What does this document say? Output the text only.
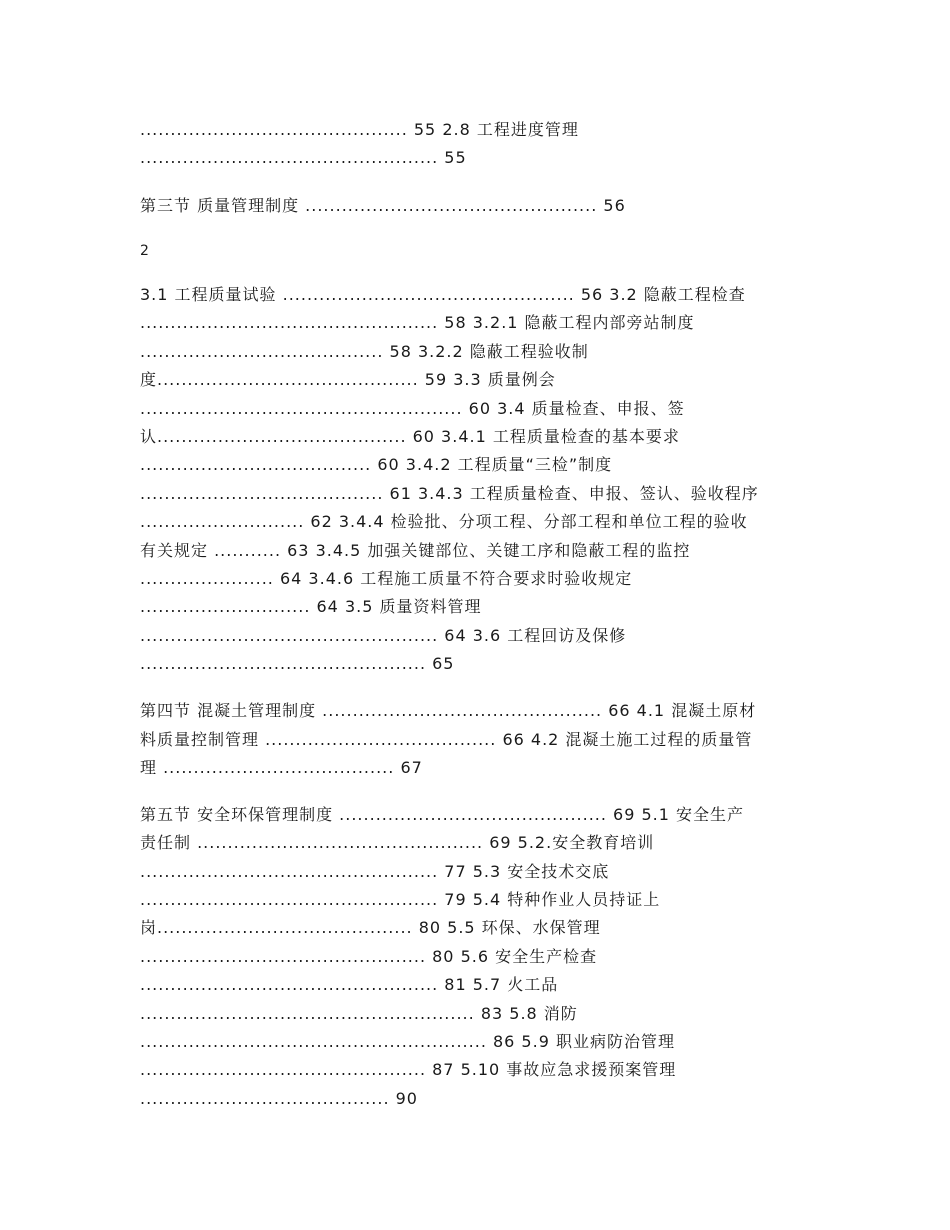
............................................ 55 2.8 工程进度管理
................................................. 55
第三节 质量管理制度 ................................................ 56
2
3.1 工程质量试验 ................................................ 56 3.2 隐蔽工程检查
................................................. 58 3.2.1 隐蔽工程内部旁站制度
........................................ 58 3.2.2 隐蔽工程验收制
度........................................... 59 3.3 质量例会
..................................................... 60 3.4 质量检查、申报、签
认......................................... 60 3.4.1 工程质量检查的基本要求
...................................... 60 3.4.2 工程质量“三检”制度
........................................ 61 3.4.3 工程质量检查、申报、签认、验收程序
........................... 62 3.4.4 检验批、分项工程、分部工程和单位工程的验收
有关规定 ........... 63 3.4.5 加强关键部位、关键工序和隐蔽工程的监控
...................... 64 3.4.6 工程施工质量不符合要求时验收规定
............................ 64 3.5 质量资料管理
................................................. 64 3.6 工程回访及保修
............................................... 65
第四节 混凝土管理制度 .............................................. 66 4.1 混凝土原材
料质量控制管理 ...................................... 66 4.2 混凝土施工过程的质量管
理 ...................................... 67
第五节 安全环保管理制度 ............................................ 69 5.1 安全生产
责任制 ............................................... 69 5.2.安全教育培训
................................................. 77 5.3 安全技术交底
................................................. 79 5.4 特种作业人员持证上
岗.......................................... 80 5.5 环保、水保管理
............................................... 80 5.6 安全生产检查
................................................. 81 5.7 火工品
....................................................... 83 5.8 消防
......................................................... 86 5.9 职业病防治管理
............................................... 87 5.10 事故应急求援预案管理
......................................... 90
